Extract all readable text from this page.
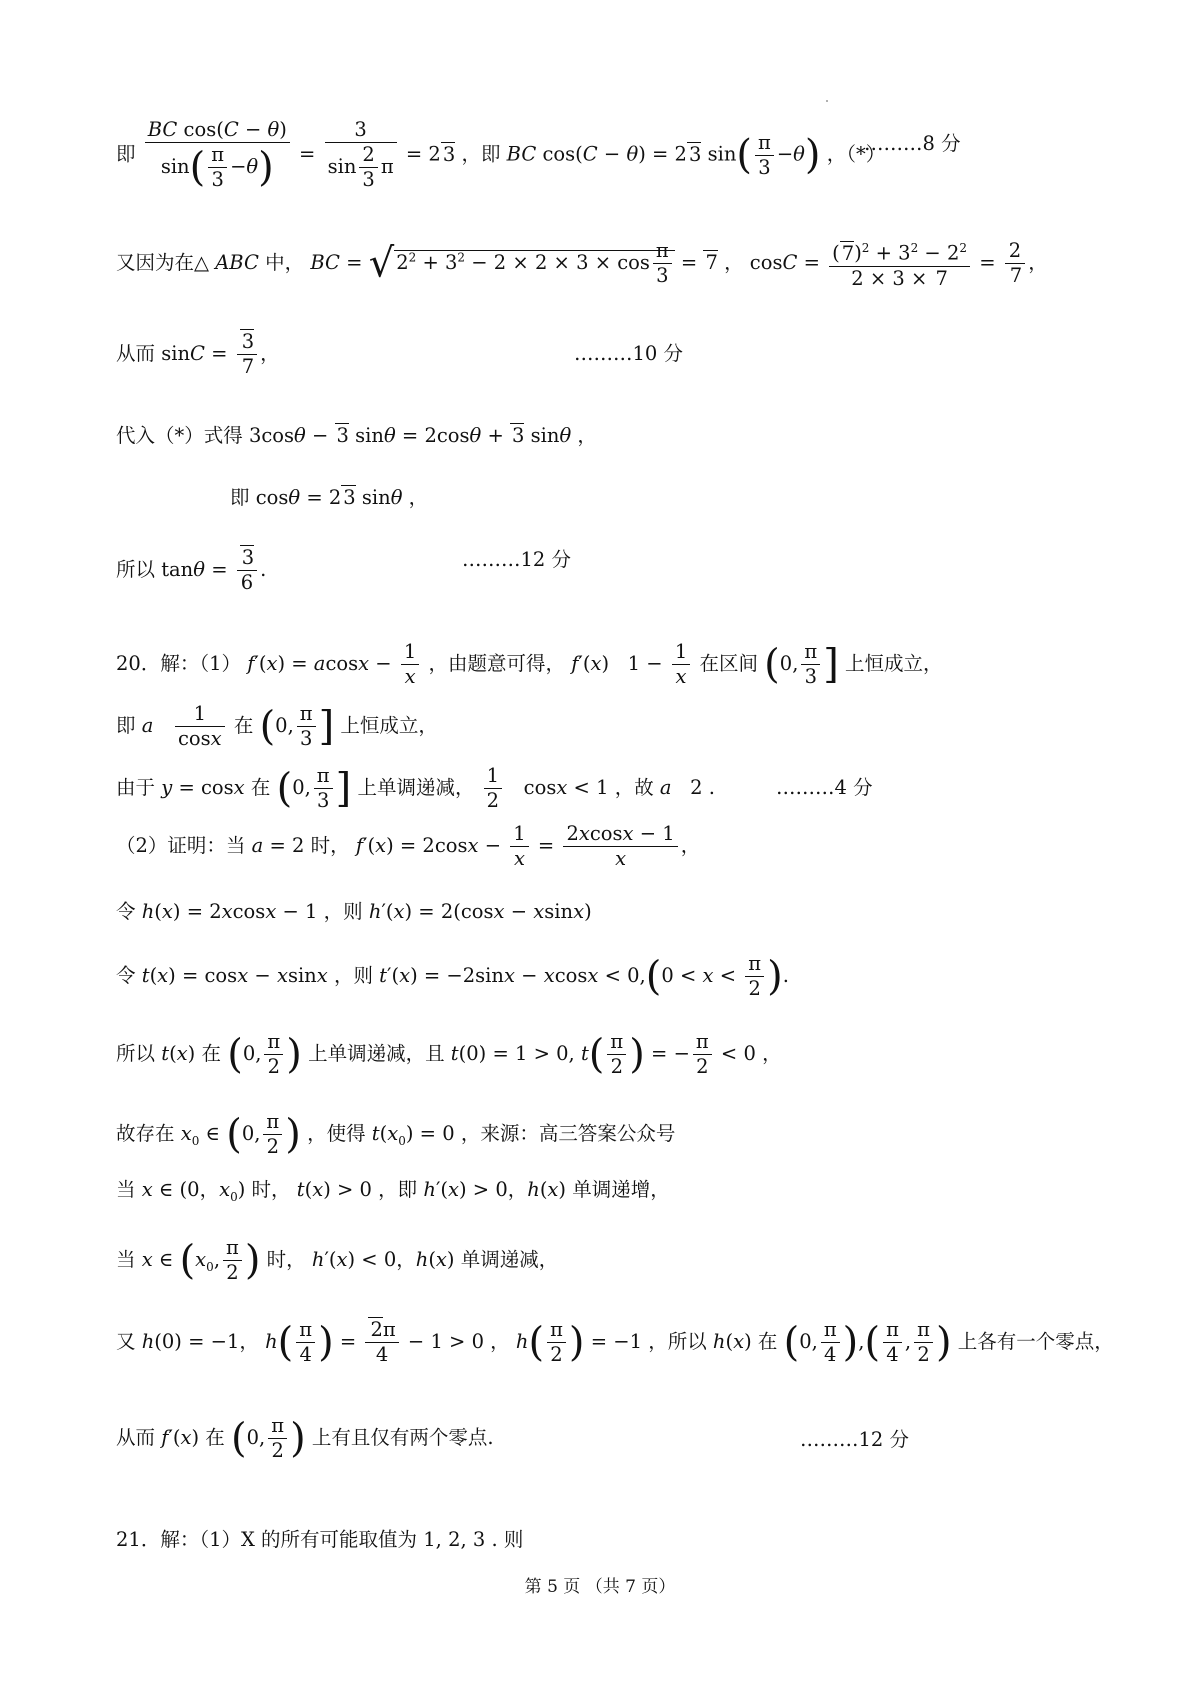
即 $\frac{\text{BC cos(C − θ)}}{\sin( \frac{\pi}{3} -\theta)} = \frac{3}{\sin \frac{2}{3} \pi} = 2$ 3 ，即 BC cos(C − θ) = 2 3 $\sin( \frac{\pi}{3} -\theta)$ ，（*）
………8 分
又因为在△ ABC 中， BC = √ $2^2 + 3^2 - 2 \times 2 \times 3 \times \cos \frac{\pi}{3} = 7$ ， $\cos C = \frac{( 7)^2 + 3^2 - 2^2}{2 \times 3 \times 7} = \frac{2}{7}$ ，
从而 $\sin C = \frac{3}{7}$ ，	………10 分
代入（*）式得 3cosθ − 3 sinθ = 2cosθ + 3 sinθ ，
即 cosθ = 2 3 sinθ ，
所以 $\tan\theta = \frac{3}{6}$ .	………12 分
20．解：（1） $f'(x) = acosx - \frac{1}{x}$ ，由题意可得， f′(x)   $1 - \frac{1}{x}$ 在区间 (0, $\frac{\pi}{3}$ ] 上恒成立，
即 a $\frac{1}{\cos x}$ 在 (0, $\frac{\pi}{3}$ ] 上恒成立，
由于 y = cosx 在 (0, $\frac{\pi}{3}$ ] 上单调递减， $\frac{1}{2}$ cosx < 1 ，故 a   2 .	………4 分
（2）证明：当 a = 2 时， $f'(x) = 2\cos x - \frac{1}{x} = \frac{2xcosx - 1}{x}$ ，
令 h(x) = 2xcosx − 1 ，则 h′(x) = 2(cosx − xsinx)
令 t(x) = cosx − xsinx ，则 $t'(x) = -2\sin x - xcosx < 0,(0 < x < \frac{\pi}{2}$ ).
所以 t(x) 在 (0, $\frac{\pi}{2}$ ) 上单调递减，且 t(0) = 1 > 0, $t( \frac{\pi}{2}$ ) = − $\frac{\pi}{2} < 0$ ，
故存在 $x_0$ ∈ (0, $\frac{\pi}{2}$ ) ，使得 $t(x_0) = 0$ ，来源：高三答案公众号
当 x ∈ (0，$x_0$) 时， t(x) > 0 ，即 h′(x) > 0，h(x) 单调递增，
当 x ∈ ($x_0$, $\frac{\pi}{2}$ ) 时， h′(x) < 0，h(x) 单调递减，
又 h(0) = −1， $h( \frac{\pi}{4}$ ) = $\frac{2\pi}{4} - 1 > 0$ ， $h( \frac{\pi}{2}$ ) = −1 ，所以 h(x) 在 (0, $\frac{\pi}{4}$ ),( $\frac{\pi}{4}$ , $\frac{\pi}{2}$ ) 上各有一个零点，
从而 f′(x) 在 (0, $\frac{\pi}{2}$ ) 上有且仅有两个零点.	………12 分
21．解：（1）X 的所有可能取值为 1, 2, 3 . 则
第 5 页 （共 7 页）
